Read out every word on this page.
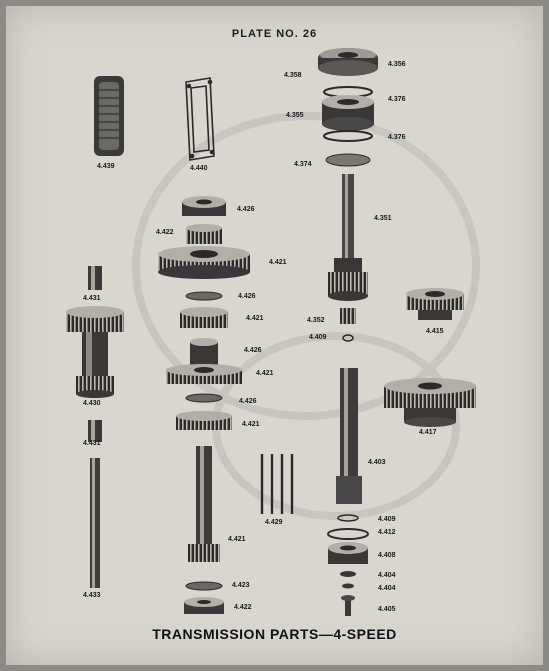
PLATE NO. 26
4.356
4.358
4.376
4.355
4.376
4.374
4.351
4.439	4.440
4.426
4.422
4.421
4.426
4.421
4.426
4.421
4.426
4.421
4.431
4.430
4.431
4.433
4.429
4.421
4.423
4.422
4.352
4.409
4.415
4.417
4.403
4.409
4.412
4.408
4.404
4.404
4.405
TRANSMISSION PARTS—4-SPEED
